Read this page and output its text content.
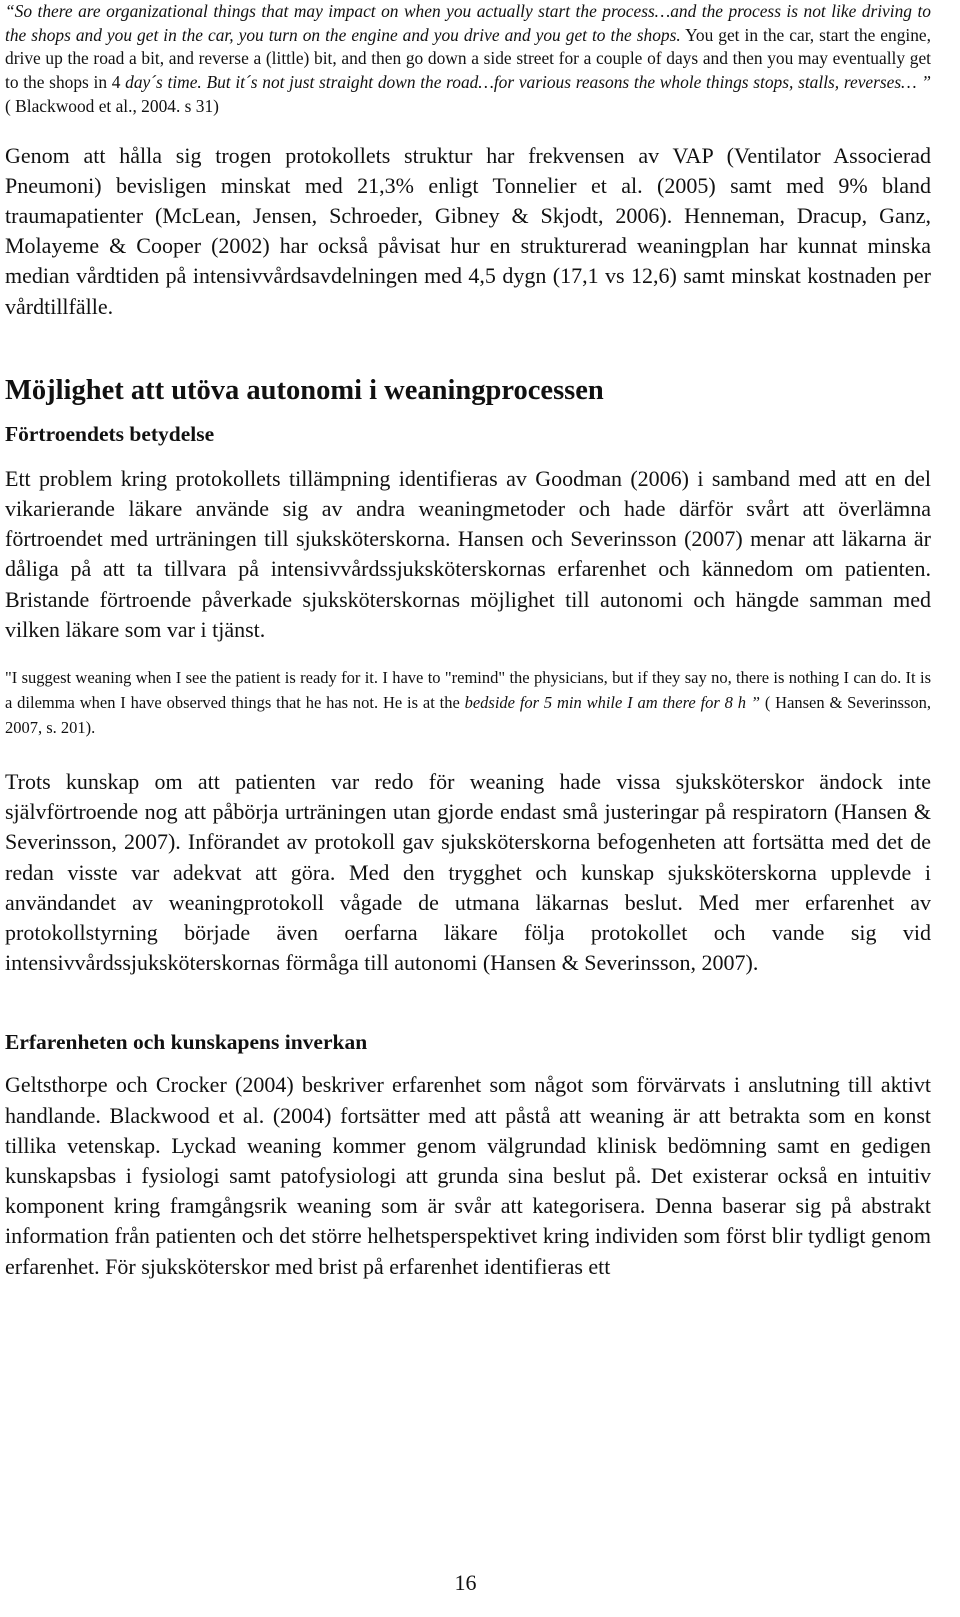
“So there are organizational things that may impact on when you actually start the process…and the process is not like driving to the shops and you get in the car, you turn on the engine and you drive and you get to the shops. You get in the car, start the engine, drive up the road a bit, and reverse a (little) bit, and then go down a side street for a couple of days and then you may eventually get to the shops in 4 day´s time. But it´s not just straight down the road…for various reasons the whole things stops, stalls, reverses… ” ( Blackwood et al., 2004. s 31)

Genom att hålla sig trogen protokollets struktur har frekvensen av VAP (Ventilator Associerad Pneumoni) bevisligen minskat med 21,3% enligt Tonnelier et al. (2005) samt med 9% bland traumapatienter (McLean, Jensen, Schroeder, Gibney & Skjodt, 2006). Henneman, Dracup, Ganz, Molayeme & Cooper (2002) har också påvisat hur en strukturerad weaningplan har kunnat minska median vårdtiden på intensivvårdsavdelningen med 4,5 dygn (17,1 vs 12,6) samt minskat kostnaden per vårdtillfälle.

Möjlighet att utöva autonomi i weaningprocessen
Förtroendets betydelse

Ett problem kring protokollets tillämpning identifieras av Goodman (2006) i samband med att en del vikarierande läkare använde sig av andra weaningmetoder och hade därför svårt att överlämna förtroendet med urträningen till sjuksköterskorna. Hansen och Severinsson (2007) menar att läkarna är dåliga på att ta tillvara på intensivvårdssjuksköterskornas erfarenhet och kännedom om patienten. Bristande förtroende påverkade sjuksköterskornas möjlighet till autonomi och hängde samman med vilken läkare som var i tjänst.

"I suggest weaning when I see the patient is ready for it. I have to "remind" the physicians, but if they say no, there is nothing I can do. It is a dilemma when I have observed things that he has not. He is at the bedside for 5 min while I am there for 8 h ” ( Hansen & Severinsson, 2007, s. 201).

Trots kunskap om att patienten var redo för weaning hade vissa sjuksköterskor ändock inte självförtroende nog att påbörja urträningen utan gjorde endast små justeringar på respiratorn (Hansen & Severinsson, 2007). Införandet av protokoll gav sjuksköterskorna befogenheten att fortsätta med det de redan visste var adekvat att göra. Med den trygghet och kunskap sjuksköterskorna upplevde i användandet av weaningprotokoll vågade de utmana läkarnas beslut. Med mer erfarenhet av protokollstyrning började även oerfarna läkare följa protokollet och vande sig vid intensivvårdssjuksköterskornas förmåga till autonomi (Hansen & Severinsson, 2007).

Erfarenheten och kunskapens inverkan

Geltsthorpe och Crocker (2004) beskriver erfarenhet som något som förvärvats i anslutning till aktivt handlande. Blackwood et al. (2004) fortsätter med att påstå att weaning är att betrakta som en konst tillika vetenskap. Lyckad weaning kommer genom välgrundad klinisk bedömning samt en gedigen kunskapsbas i fysiologi samt patofysiologi att grunda sina beslut på. Det existerar också en intuitiv komponent kring framgångsrik weaning som är svår att kategorisera. Denna baserar sig på abstrakt information från patienten och det större helhetsperspektivet kring individen som först blir tydligt genom erfarenhet. För sjuksköterskor med brist på erfarenhet identifieras ett

16
